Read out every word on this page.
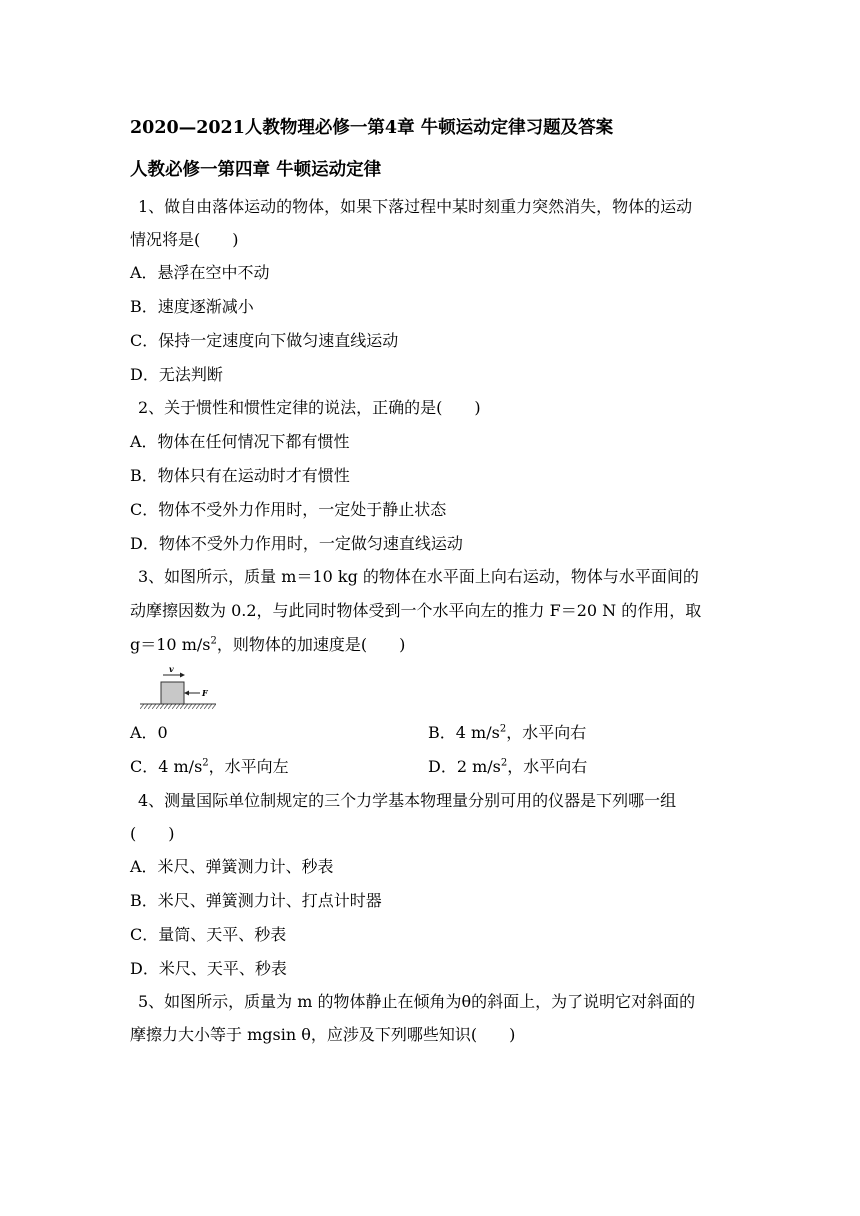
2020—2021人教物理必修一第4章 牛顿运动定律习题及答案
人教必修一第四章 牛顿运动定律
1、做自由落体运动的物体，如果下落过程中某时刻重力突然消失，物体的运动
情况将是(　　)
A．悬浮在空中不动
B．速度逐渐减小
C．保持一定速度向下做匀速直线运动
D．无法判断
2、关于惯性和惯性定律的说法，正确的是(　　)
A．物体在任何情况下都有惯性
B．物体只有在运动时才有惯性
C．物体不受外力作用时，一定处于静止状态
D．物体不受外力作用时，一定做匀速直线运动
3、如图所示，质量 m＝10 kg 的物体在水平面上向右运动，物体与水平面间的
动摩擦因数为 0.2，与此同时物体受到一个水平向左的推力 F＝20 N 的作用，取
g＝10 $m/s^2$，则物体的加速度是(　　)
v
F
A．0	B．4 $m/s^2$，水平向右
C．4 $m/s^2$，水平向左	D．2 $m/s^2$，水平向右
4、测量国际单位制规定的三个力学基本物理量分别可用的仪器是下列哪一组
(　　)
A．米尺、弹簧测力计、秒表
B．米尺、弹簧测力计、打点计时器
C．量筒、天平、秒表
D．米尺、天平、秒表
5、如图所示，质量为 m 的物体静止在倾角为θ的斜面上，为了说明它对斜面的
摩擦力大小等于 mgsin θ，应涉及下列哪些知识(　　)
